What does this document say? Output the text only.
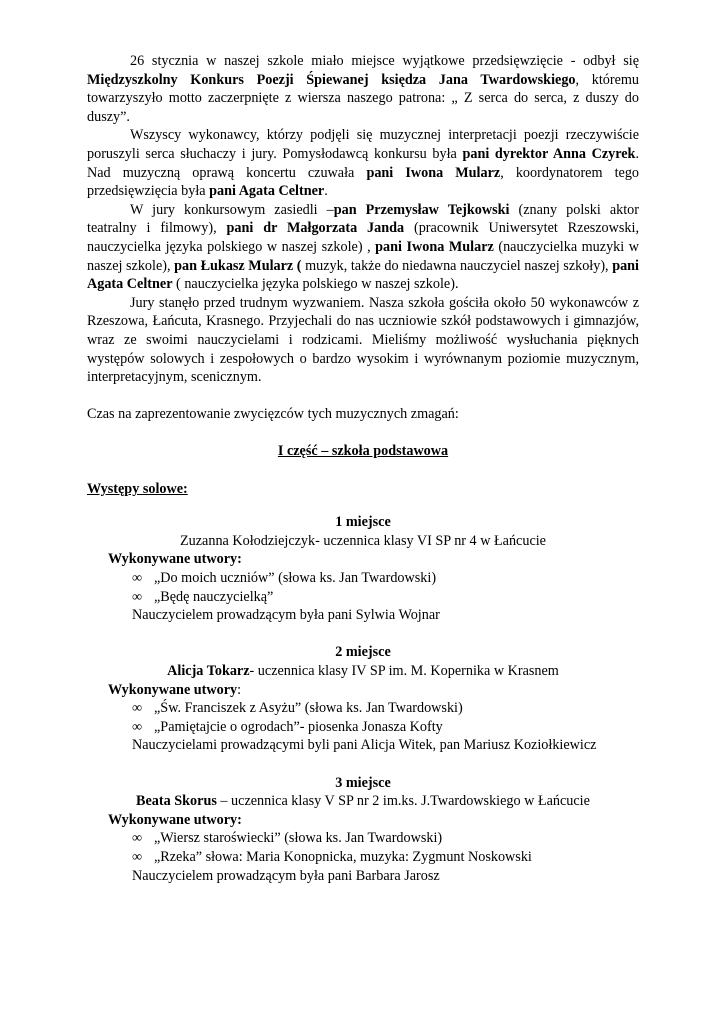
26 stycznia w naszej szkole miało miejsce wyjątkowe przedsięwzięcie - odbył się Międzyszkolny Konkurs Poezji Śpiewanej księdza Jana Twardowskiego, któremu towarzyszyło motto zaczerpnięte z wiersza naszego patrona: „ Z serca do serca, z duszy do duszy”.

Wszyscy wykonawcy, którzy podjęli się muzycznej interpretacji poezji rzeczywiście poruszyli serca słuchaczy i jury. Pomysłodawcą konkursu była pani dyrektor Anna Czyrek. Nad muzyczną oprawą koncertu czuwała pani Iwona Mularz, koordynatorem tego przedsięwzięcia była pani Agata Celtner.

W jury konkursowym zasiedli –pan Przemysław Tejkowski (znany polski aktor teatralny i filmowy), pani dr Małgorzata Janda (pracownik Uniwersytet Rzeszowski, nauczycielka języka polskiego w naszej szkole) , pani Iwona Mularz (nauczycielka muzyki w naszej szkole), pan Łukasz Mularz ( muzyk, także do niedawna nauczyciel naszej szkoły), pani Agata Celtner ( nauczycielka języka polskiego w naszej szkole).

Jury stanęło przed trudnym wyzwaniem. Nasza szkoła gościła około 50 wykonawców z Rzeszowa, Łańcuta, Krasnego. Przyjechali do nas uczniowie szkół podstawowych i gimnazjów, wraz ze swoimi nauczycielami i rodzicami. Mieliśmy możliwość wysłuchania pięknych występów solowych i zespołowych o bardzo wysokim i wyrównanym poziomie muzycznym, interpretacyjnym, scenicznym.

Czas na zaprezentowanie zwycięzców tych muzycznych zmagań:

I część – szkoła podstawowa

Występy solowe:

1 miejsce

Zuzanna Kołodziejczyk- uczennica klasy VI SP nr 4 w Łańcucie

Wykonywane utwory:

∞ „Do moich uczniów” (słowa ks. Jan Twardowski)

∞ „Będę nauczycielką”

Nauczycielem prowadzącym była pani Sylwia Wojnar

2 miejsce

Alicja Tokarz- uczennica klasy IV SP im. M. Kopernika w Krasnem

Wykonywane utwory:

∞ „Św. Franciszek z Asyżu” (słowa ks. Jan Twardowski)

∞ „Pamiętajcie o ogrodach”- piosenka Jonasza Kofty

Nauczycielami prowadzącymi byli pani Alicja Witek, pan Mariusz Koziołkiewicz

3 miejsce

Beata Skorus – uczennica klasy V SP nr 2 im.ks. J.Twardowskiego w Łańcucie

Wykonywane utwory:

∞ „Wiersz staroświecki” (słowa ks. Jan Twardowski)

∞ „Rzeka” słowa: Maria Konopnicka, muzyka: Zygmunt Noskowski

Nauczycielem prowadzącym była pani Barbara Jarosz
